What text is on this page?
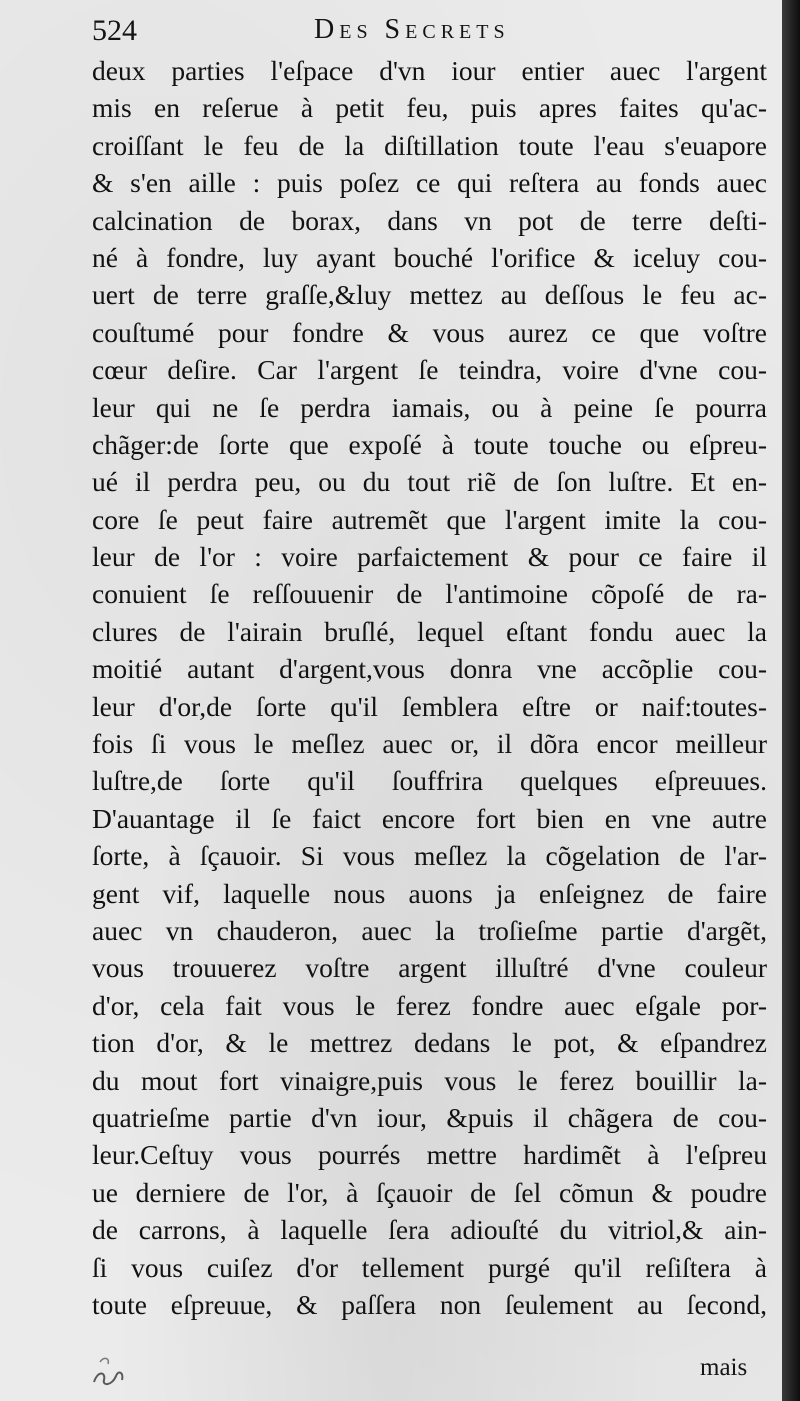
524	Des Secrets
deux parties l'eſpace d'vn iour entier auec l'argent
mis en reſerue à petit feu, puis apres faites qu'ac-
croiſſant le feu de la diſtillation toute l'eau s'euapore
& s'en aille : puis poſez ce qui reſtera au fonds auec
calcination de borax, dans vn pot de terre deſti-
né à fondre, luy ayant bouché l'orifice & iceluy cou-
uert de terre graſſe,&luy mettez au deſſous le feu ac-
couſtumé pour fondre & vous aurez ce que voſtre
cœur deſire. Car l'argent ſe teindra, voire d'vne cou-
leur qui ne ſe perdra iamais, ou à peine ſe pourra
chãger:de ſorte que expoſé à toute touche ou eſpreu-
ué il perdra peu, ou du tout riẽ de ſon luſtre. Et en-
core ſe peut faire autremẽt que l'argent imite la cou-
leur de l'or : voire parfaictement & pour ce faire il
conuient ſe reſſouuenir de l'antimoine cõpoſé de ra-
clures de l'airain bruſlé, lequel eſtant fondu auec la
moitié autant d'argent,vous donra vne accõplie cou-
leur d'or,de ſorte qu'il ſemblera eſtre or naif:toutes-
fois ſi vous le meſlez auec or, il dõra encor meilleur
luſtre,de ſorte qu'il ſouffrira quelques eſpreuues.
D'auantage il ſe faict encore fort bien en vne autre
ſorte, à ſçauoir. Si vous meſlez la cõgelation de l'ar-
gent vif, laquelle nous auons ja enſeignez de faire
auec vn chauderon, auec la troſieſme partie d'argẽt,
vous trouuerez voſtre argent illuſtré d'vne couleur
d'or, cela fait vous le ferez fondre auec eſgale por-
tion d'or, & le mettrez dedans le pot, & eſpandrez
du mout fort vinaigre,puis vous le ferez bouillir la-
quatrieſme partie d'vn iour, &puis il chãgera de cou-
leur.Ceſtuy vous pourrés mettre hardimẽt à l'eſpreu
ue derniere de l'or, à ſçauoir de ſel cõmun & poudre
de carrons, à laquelle ſera adiouſté du vitriol,& ain-
ſi vous cuiſez d'or tellement purgé qu'il reſiſtera à
toute eſpreuue, & paſſera non ſeulement au ſecond,
mais
